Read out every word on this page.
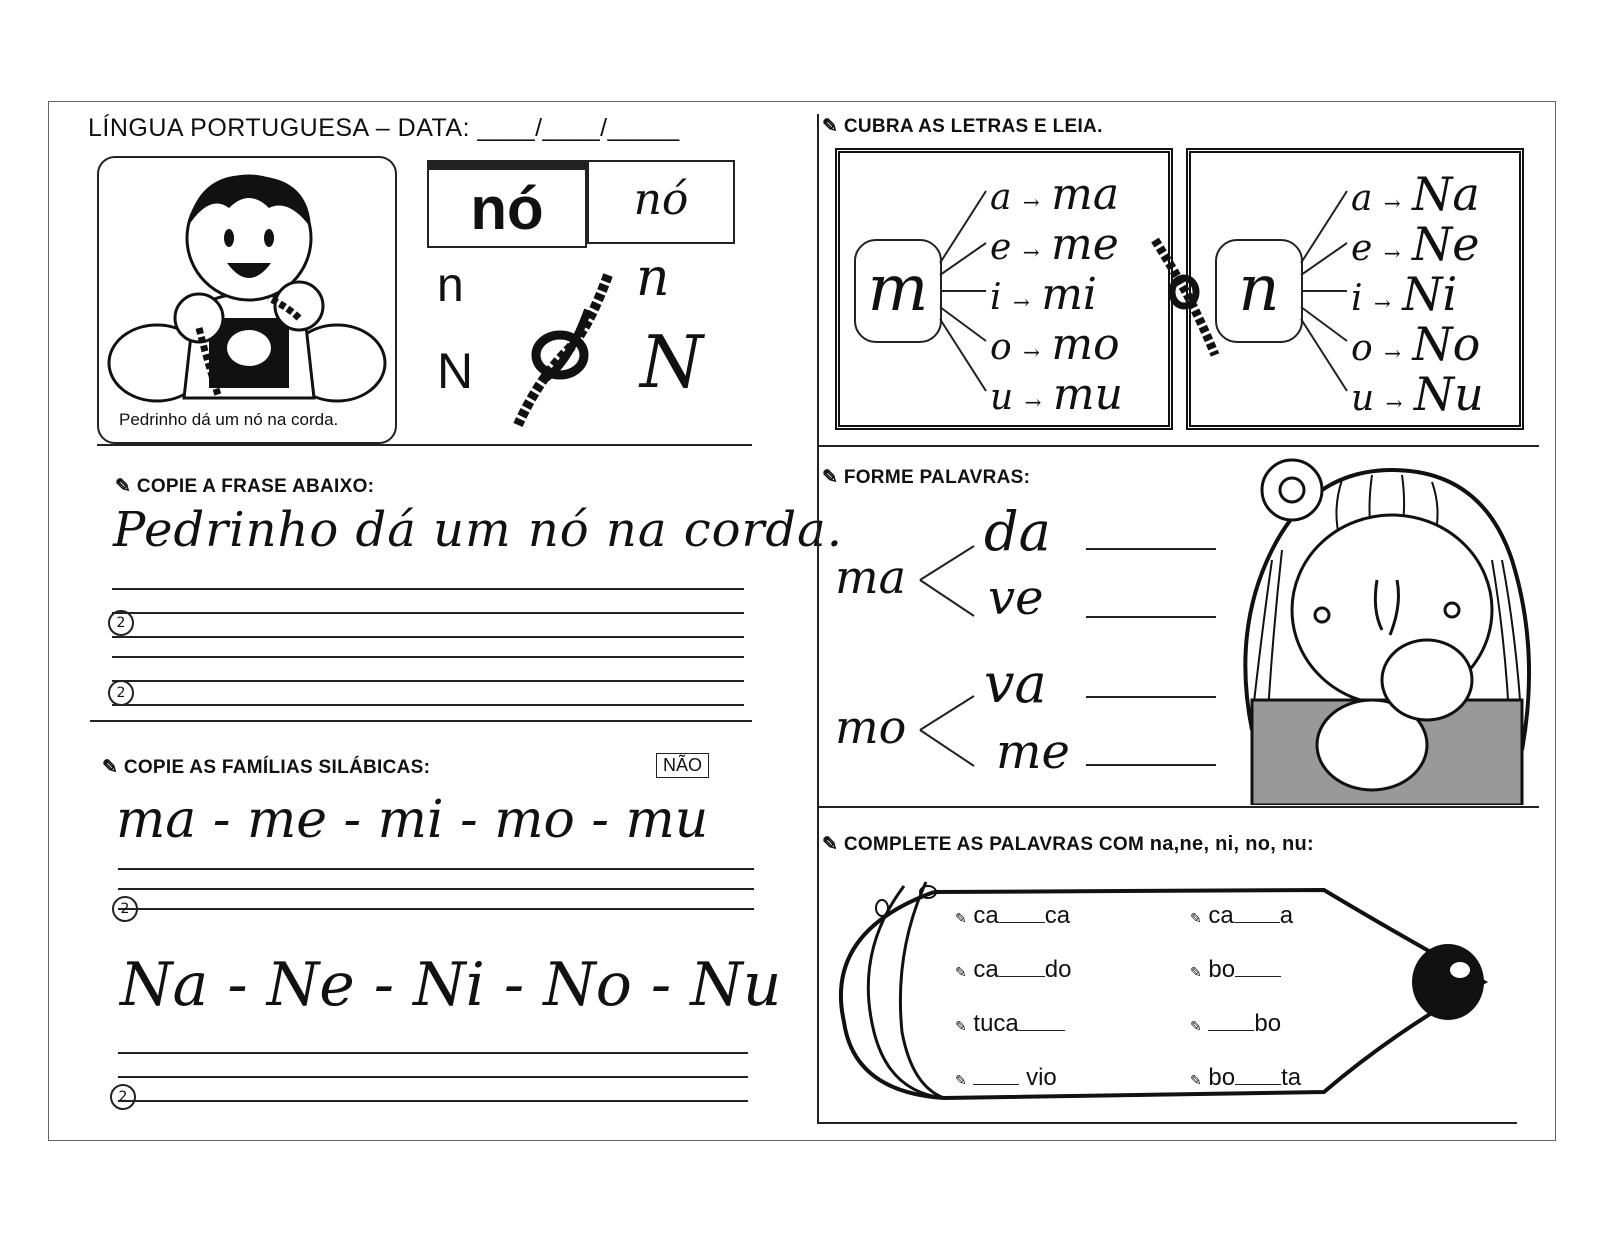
LÍNGUA PORTUGUESA – DATA: ____/____/_____
Pedrinho dá um nó na corda.
nó	nó
n
N
n
N
✎ COPIE A FRASE ABAIXO:
Pedrinho dá um nó na corda.
2
2
✎ COPIE AS FAMÍLIAS SILÁBICAS:	NÃO
ma - me - mi - mo - mu
2
Na - Ne - Ni - No - Nu
2
✎ CUBRA AS LETRAS E LEIA.
m
a → ma
e → me
i → mi
o → mo
u → mu
n
a → Na
e → Ne
i → Ni
o → No
u → Nu
✎ FORME PALAVRAS:
ma
da
ve
mo
va
me
✎ COMPLETE AS PALAVRAS COM na,ne, ni, no, nu:
✎ ca ca	✎ ca a
✎ ca do	✎ bo
✎ tuca	✎ bo
✎ vio	✎ bo ta
